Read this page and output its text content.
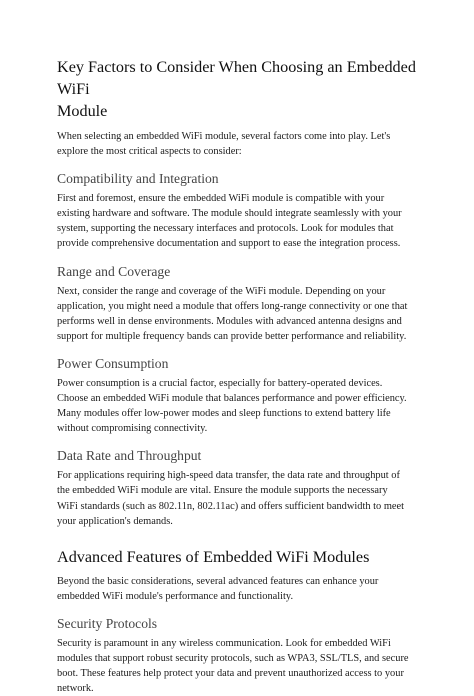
Key Factors to Consider When Choosing an Embedded WiFi
Module
When selecting an embedded WiFi module, several factors come into play. Let's
explore the most critical aspects to consider:
Compatibility and Integration
First and foremost, ensure the embedded WiFi module is compatible with your
existing hardware and software. The module should integrate seamlessly with your
system, supporting the necessary interfaces and protocols. Look for modules that
provide comprehensive documentation and support to ease the integration process.
Range and Coverage
Next, consider the range and coverage of the WiFi module. Depending on your
application, you might need a module that offers long-range connectivity or one that
performs well in dense environments. Modules with advanced antenna designs and
support for multiple frequency bands can provide better performance and reliability.
Power Consumption
Power consumption is a crucial factor, especially for battery-operated devices.
Choose an embedded WiFi module that balances performance and power efficiency.
Many modules offer low-power modes and sleep functions to extend battery life
without compromising connectivity.
Data Rate and Throughput
For applications requiring high-speed data transfer, the data rate and throughput of
the embedded WiFi module are vital. Ensure the module supports the necessary
WiFi standards (such as 802.11n, 802.11ac) and offers sufficient bandwidth to meet
your application's demands.
Advanced Features of Embedded WiFi Modules
Beyond the basic considerations, several advanced features can enhance your
embedded WiFi module's performance and functionality.
Security Protocols
Security is paramount in any wireless communication. Look for embedded WiFi
modules that support robust security protocols, such as WPA3, SSL/TLS, and secure
boot. These features help protect your data and prevent unauthorized access to your
network.
